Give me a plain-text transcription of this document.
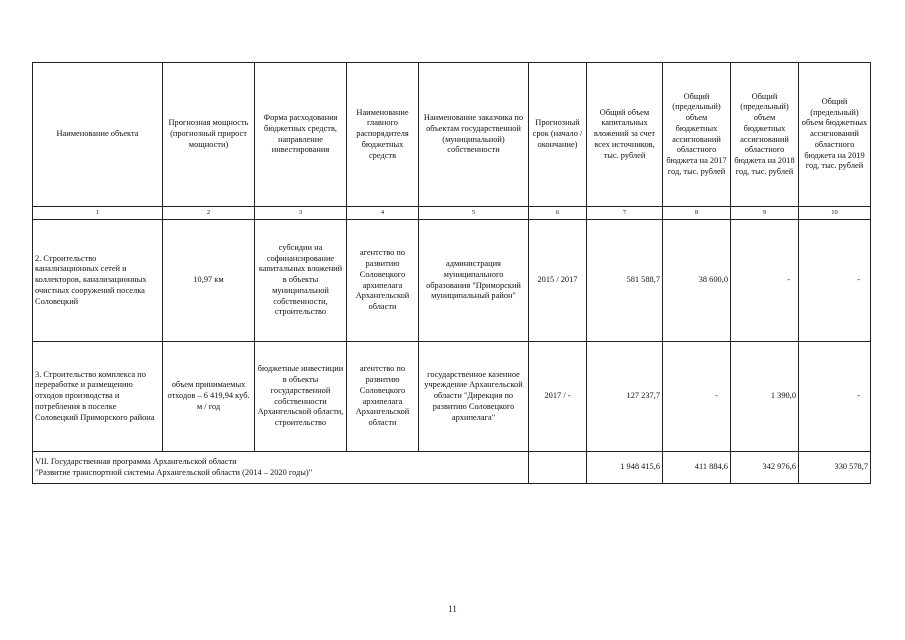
Наименование объекта	Прогнозная мощность (прогнозный прирост мощности)	Форма расходования бюджетных средств, направление инвестирования	Наименование главного распорядителя бюджетных средств	Наименование заказчика по объектам государственной (муниципальной) собственности	Прогнозный срок (начало / окончание)	Общий объем капитальных вложений за счет всех источников, тыс. рублей	Общий (предельный) объем бюджетных ассигнований областного бюджета на 2017 год, тыс. рублей	Общий (предельный) объем бюджетных ассигнований областного бюджета на 2018 год, тыс. рублей	Общий (предельный) объем бюджетных ассигнований областного бюджета на 2019 год, тыс. рублей
1	2	3	4	5	6	7	8	9	10
2. Строительство канализационных сетей и коллекторов, канализационных очистных сооружений поселка Соловецкий	10,97 км	субсидии на софинансирование капитальных вложений в объекты муниципальной собственности, строительство	агентство по развитию Соловецкого архипелага Архангельской области	администрация муниципального образования "Приморский муниципальный район"	2015 / 2017	581 588,7	38 600,0	-	-
3. Строительство комплекса по переработке и размещению отходов производства и потребления в поселке Соловецкий Приморского района	объем принимаемых отходов – 6 419,94 куб. м / год	бюджетные инвестиции в объекты государственной собственности Архангельской области, строительство	агентство по развитию Соловецкого архипелага Архангельской области	государственное казенное учреждение Архангельской области "Дирекция по развитию Соловецкого архипелага"	2017 / -	127 237,7	-	1 390,0	-

VII. Государственная программа Архангельской области
"Развитие транспортной системы Архангельской области (2014 – 2020 годы)"						1 948 415,6	411 884,6	342 976,6	330 578,7
11
